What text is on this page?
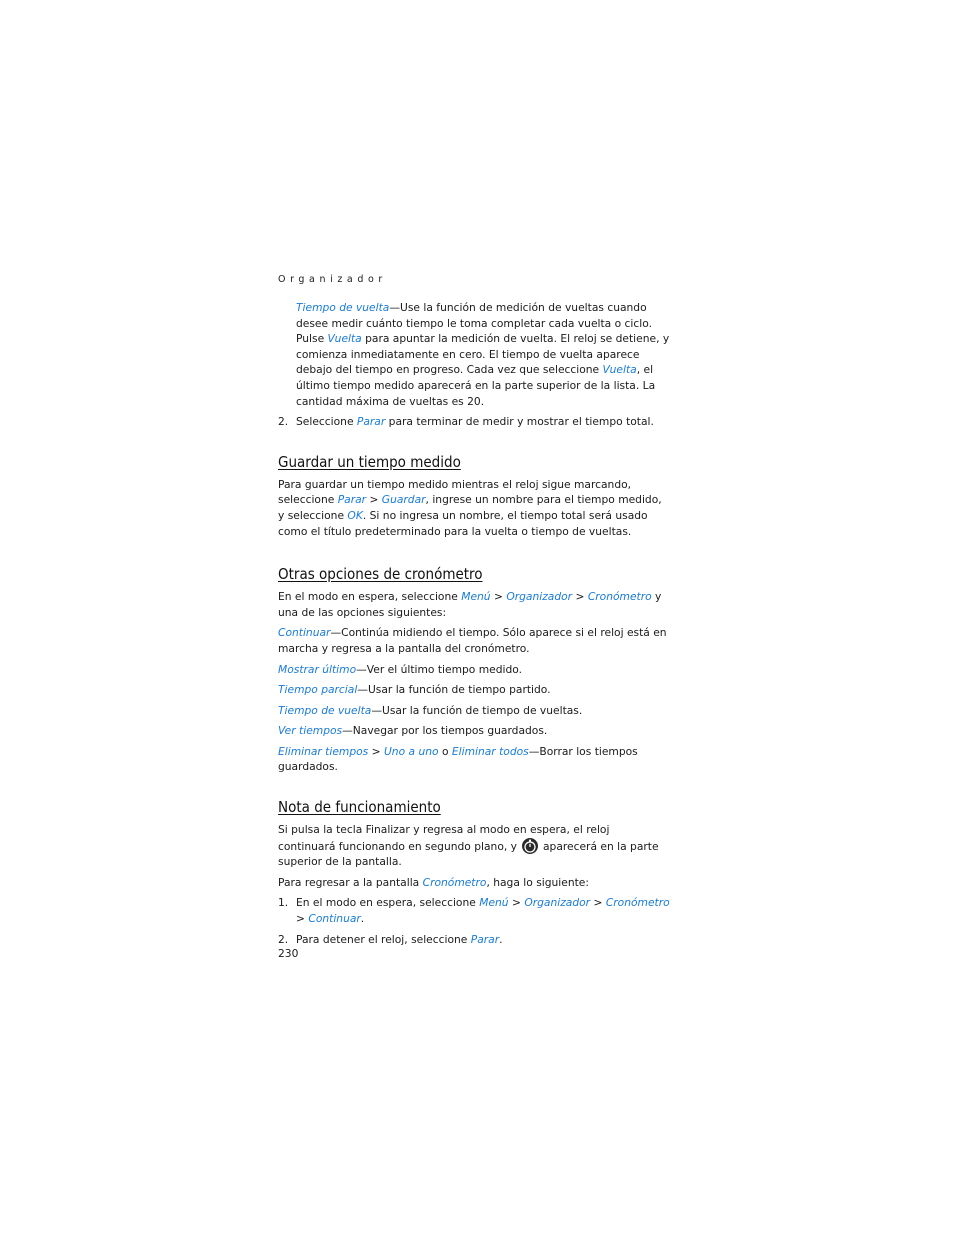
Organizador

Tiempo de vuelta—Use la función de medición de vueltas cuando desee medir cuánto tiempo le toma completar cada vuelta o ciclo. Pulse Vuelta para apuntar la medición de vuelta. El reloj se detiene, y comienza inmediatamente en cero. El tiempo de vuelta aparece debajo del tiempo en progreso. Cada vez que seleccione Vuelta, el último tiempo medido aparecerá en la parte superior de la lista. La cantidad máxima de vueltas es 20.

2. Seleccione Parar para terminar de medir y mostrar el tiempo total.

Guardar un tiempo medido

Para guardar un tiempo medido mientras el reloj sigue marcando, seleccione Parar > Guardar, ingrese un nombre para el tiempo medido, y seleccione OK. Si no ingresa un nombre, el tiempo total será usado como el título predeterminado para la vuelta o tiempo de vueltas.

Otras opciones de cronómetro

En el modo en espera, seleccione Menú > Organizador > Cronómetro y una de las opciones siguientes:

Continuar—Continúa midiendo el tiempo. Sólo aparece si el reloj está en marcha y regresa a la pantalla del cronómetro.

Mostrar último—Ver el último tiempo medido.

Tiempo parcial—Usar la función de tiempo partido.

Tiempo de vuelta—Usar la función de tiempo de vueltas.

Ver tiempos—Navegar por los tiempos guardados.

Eliminar tiempos > Uno a uno o Eliminar todos—Borrar los tiempos guardados.

Nota de funcionamiento

Si pulsa la tecla Finalizar y regresa al modo en espera, el reloj continuará funcionando en segundo plano, y aparecerá en la parte superior de la pantalla.

Para regresar a la pantalla Cronómetro, haga lo siguiente:

1. En el modo en espera, seleccione Menú > Organizador > Cronómetro > Continuar.

2. Para detener el reloj, seleccione Parar.

230
